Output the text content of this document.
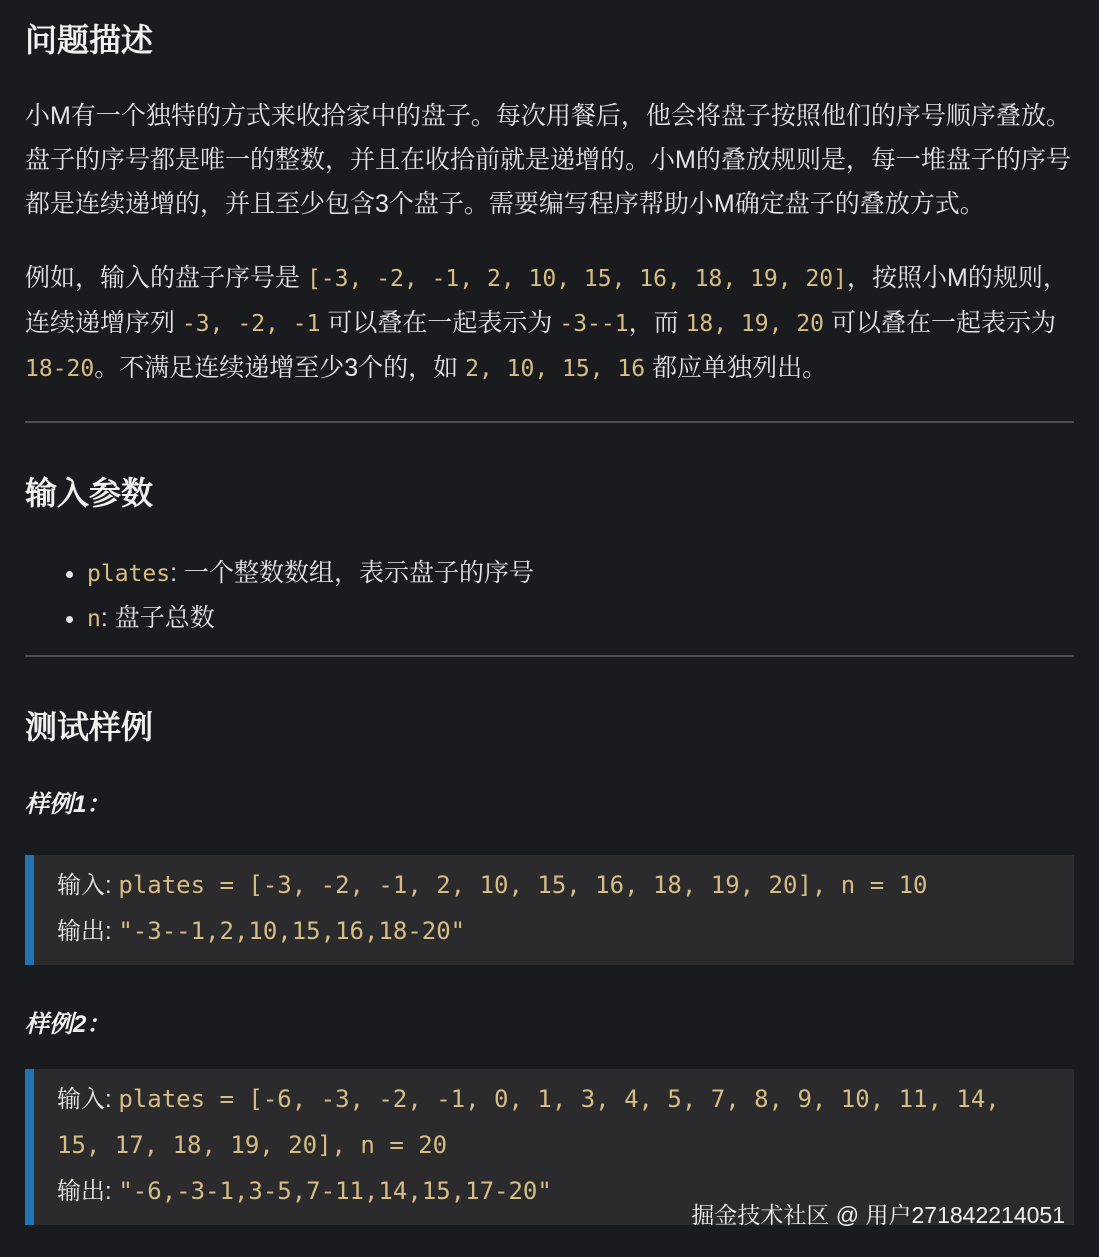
问题描述

小M有一个独特的方式来收拾家中的盘子。每次用餐后，他会将盘子按照他们的序号顺序叠放。盘子的序号都是唯一的整数，并且在收拾前就是递增的。小M的叠放规则是，每一堆盘子的序号都是连续递增的，并且至少包含3个盘子。需要编写程序帮助小M确定盘子的叠放方式。

例如，输入的盘子序号是 [-3, -2, -1, 2, 10, 15, 16, 18, 19, 20]，按照小M的规则，连续递增序列 -3, -2, -1 可以叠在一起表示为 -3--1，而 18, 19, 20 可以叠在一起表示为 18-20。不满足连续递增至少3个的，如 2, 10, 15, 16 都应单独列出。

输入参数
• plates: 一个整数数组，表示盘子的序号
• n: 盘子总数
测试样例

样例1：

输入: plates = [-3, -2, -1, 2, 10, 15, 16, 18, 19, 20], n = 10
输出: "-3--1,2,10,15,16,18-20"

样例2：

输入: plates = [-6, -3, -2, -1, 0, 1, 3, 4, 5, 7, 8, 9, 10, 11, 14, 15, 17, 18, 19, 20], n = 20
输出: "-6,-3-1,3-5,7-11,14,15,17-20"
掘金技术社区 @ 用户271842214051
